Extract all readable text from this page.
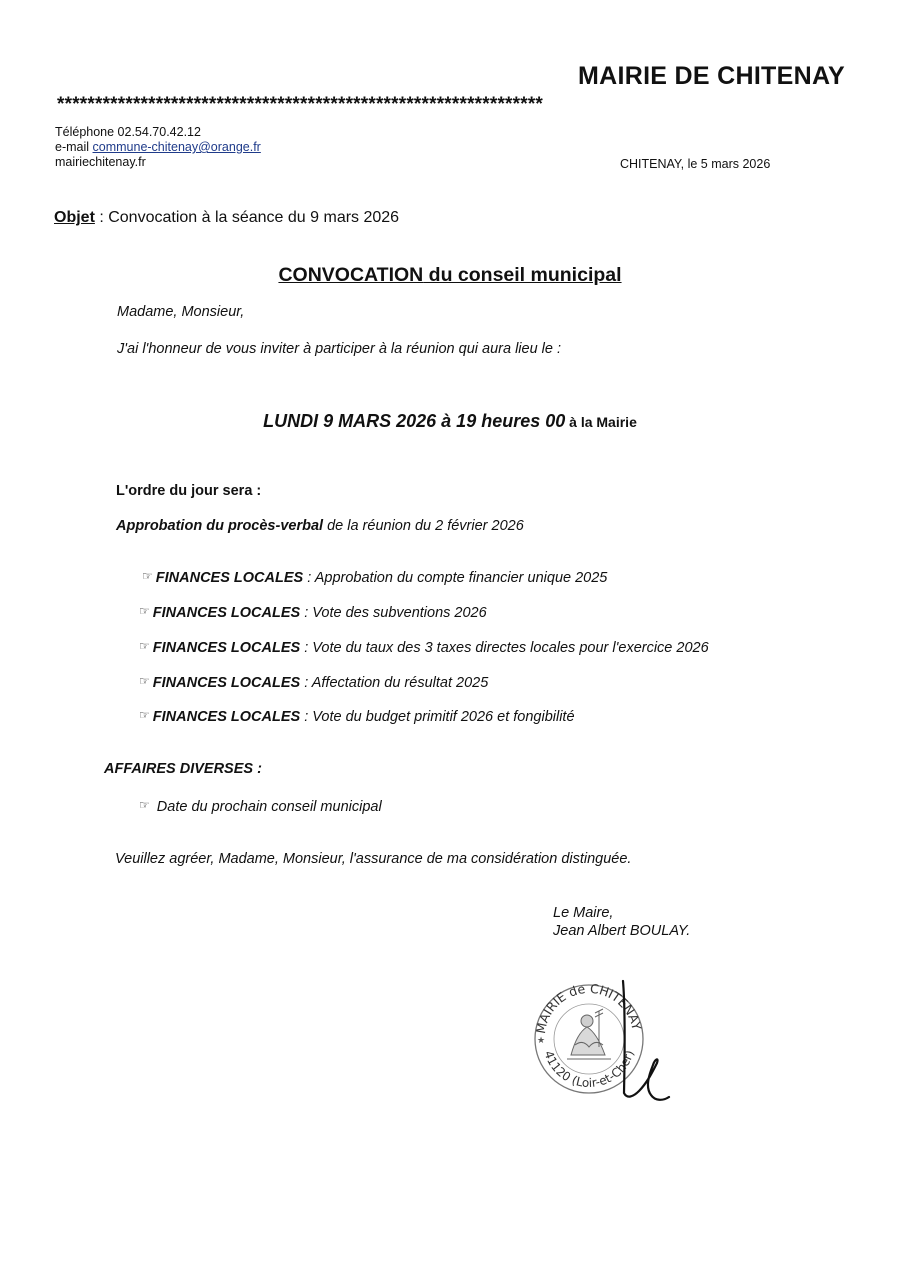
MAIRIE DE CHITENAY
****************************************************************
Téléphone 02.54.70.42.12
e-mail commune-chitenay@orange.fr
mairiechitenay.fr	CHITENAY, le 5 mars 2026
Objet : Convocation à la séance du 9 mars 2026
CONVOCATION du conseil municipal
Madame, Monsieur,
J'ai l'honneur de vous inviter à participer à la réunion qui aura lieu le :
LUNDI 9 MARS 2026 à 19 heures 00 à la Mairie
L'ordre du jour sera :
Approbation du procès-verbal de la réunion du 2 février 2026
☞ FINANCES LOCALES : Approbation du compte financier unique 2025
☞ FINANCES LOCALES : Vote des subventions 2026
☞ FINANCES LOCALES : Vote du taux des 3 taxes directes locales pour l'exercice 2026
☞ FINANCES LOCALES : Affectation du résultat 2025
☞ FINANCES LOCALES : Vote du budget primitif 2026 et fongibilité
AFFAIRES DIVERSES :
☞ Date du prochain conseil municipal
Veuillez agréer, Madame, Monsieur, l'assurance de ma considération distinguée.
Le Maire,
Jean Albert BOULAY.
MAIRIE de CHITENAY
41120 (Loir-et-Cher)
★
